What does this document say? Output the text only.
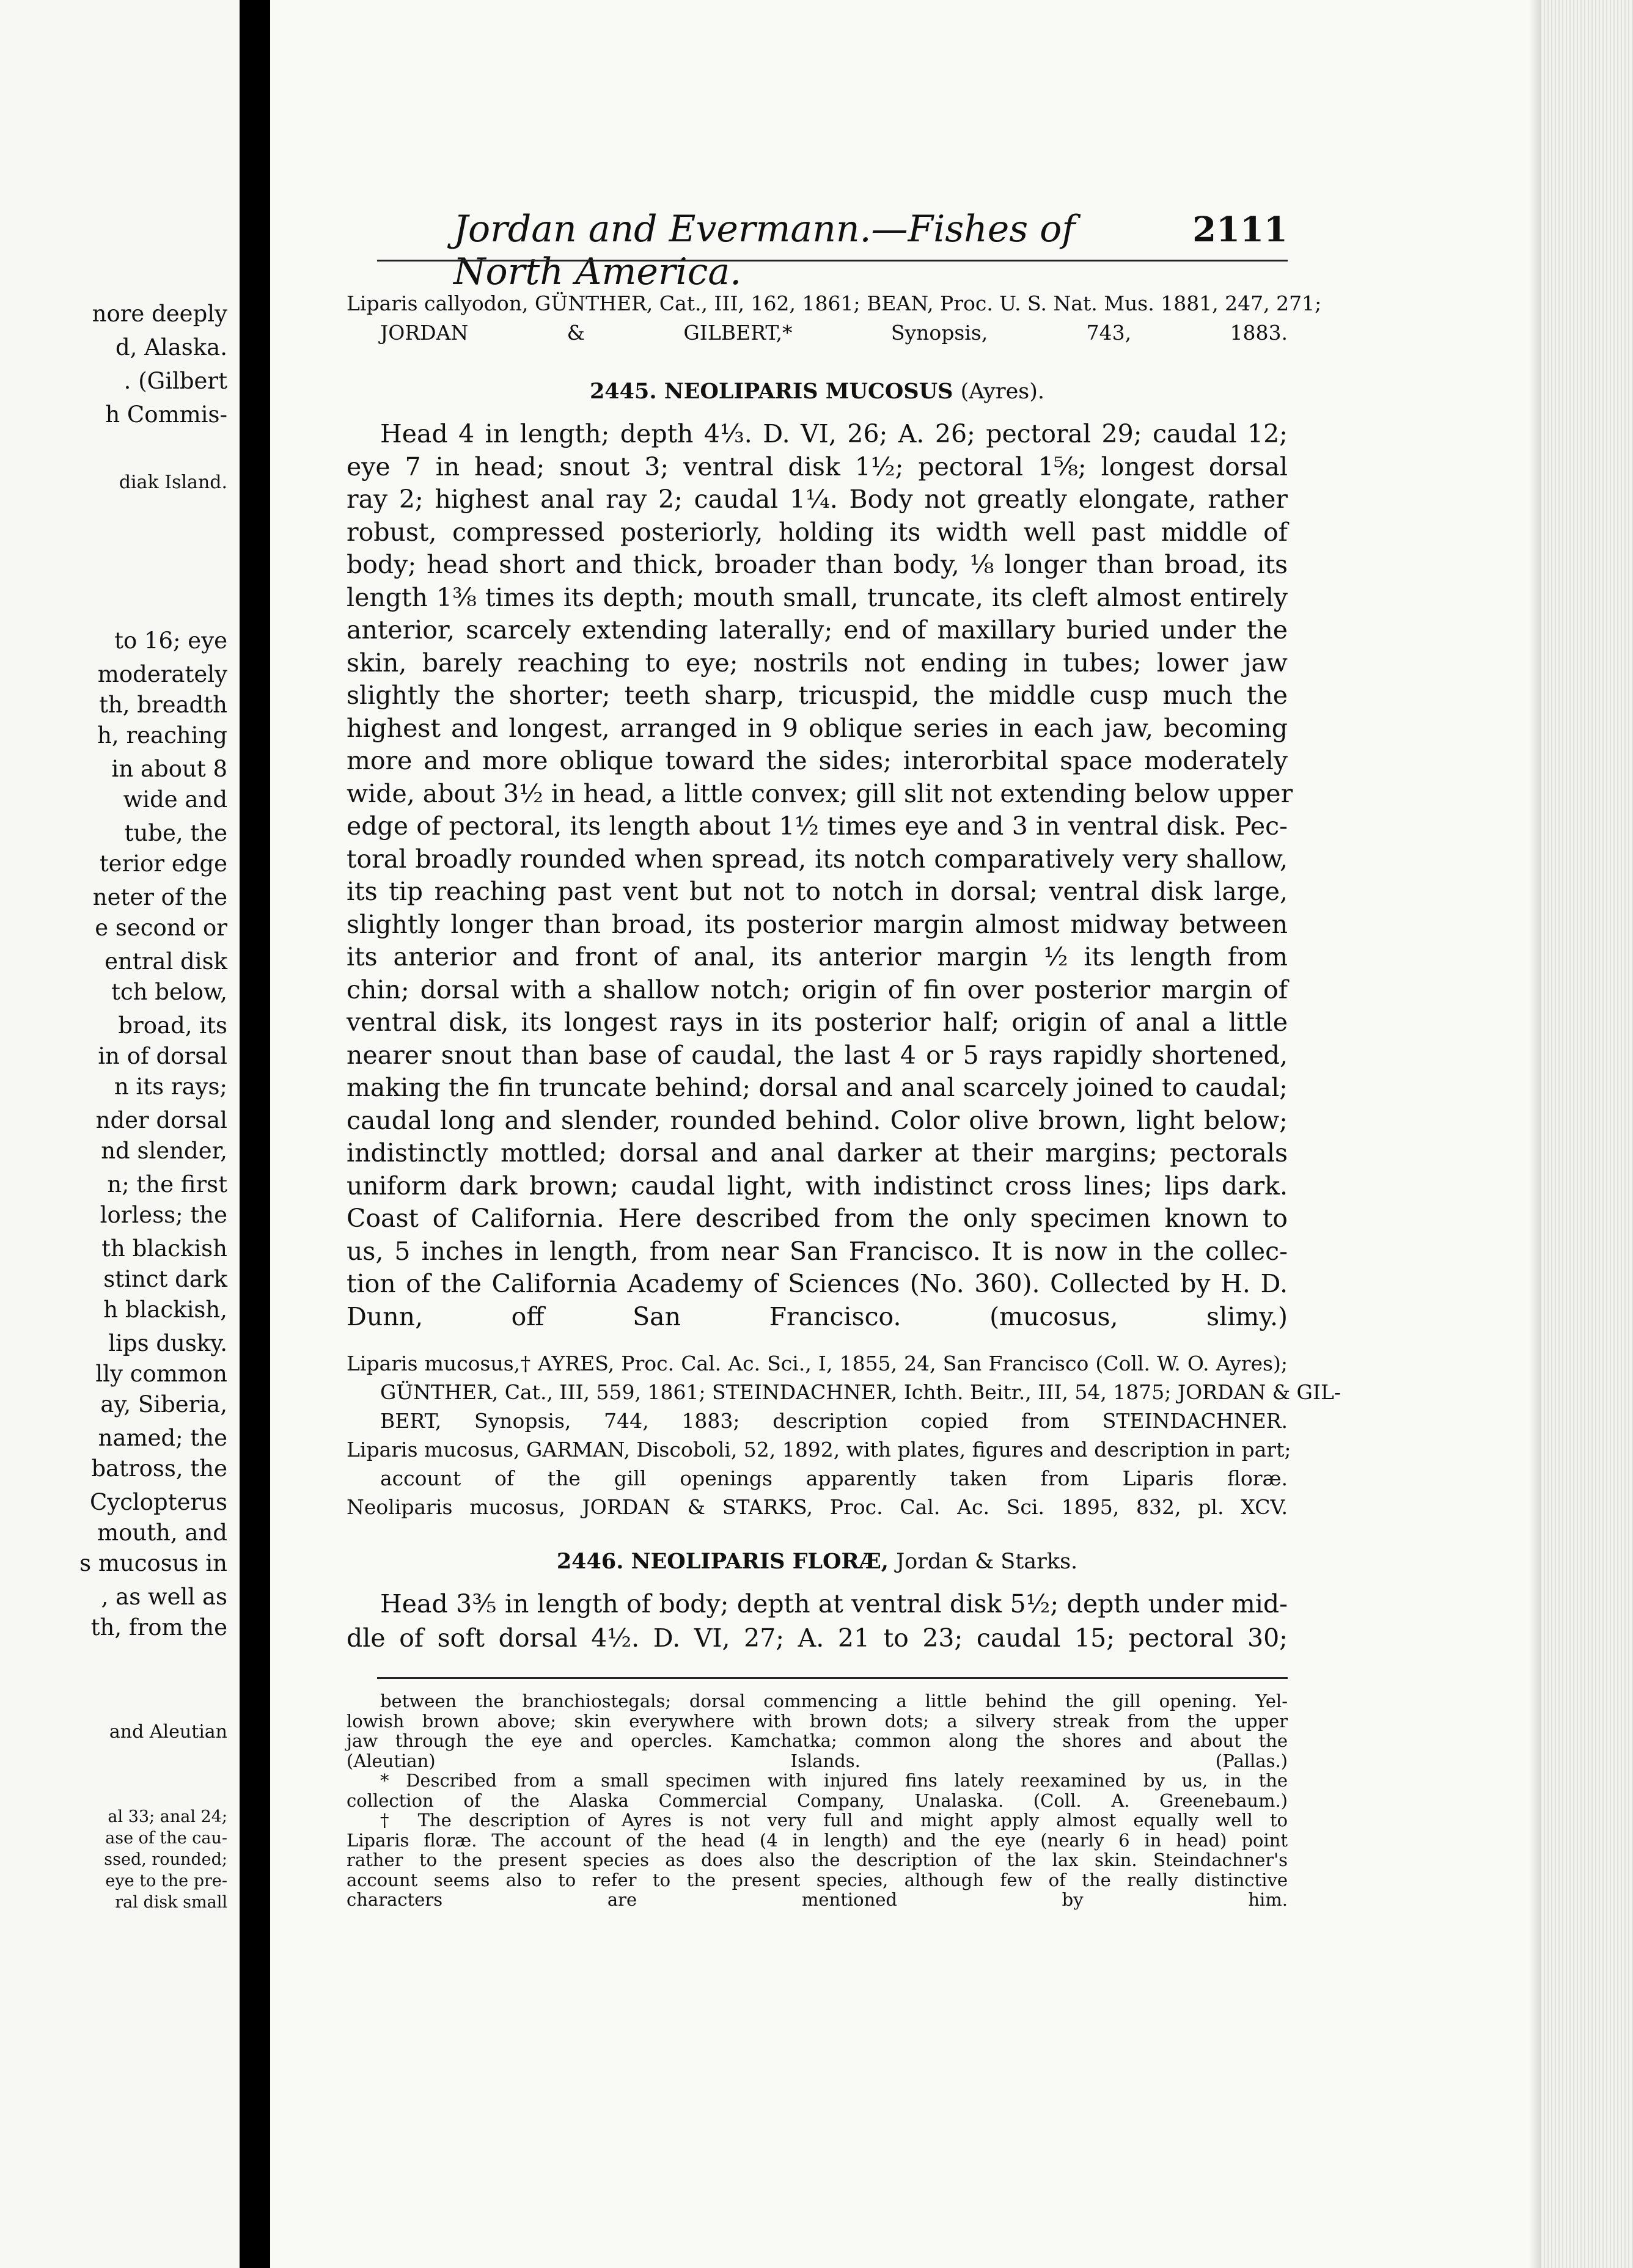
nore deeply
d, Alaska.
. (Gilbert
h Commis-
diak Island.
to 16; eye
moderately
th, breadth
h, reaching
in about 8
wide and
tube, the
terior edge
neter of the
e second or
entral disk
tch below,
broad, its
in of dorsal
n its rays;
nder dorsal
nd slender,
n; the first
lorless; the
th blackish
stinct dark
h blackish,
lips dusky.
lly common
ay, Siberia,
named; the
batross, the
Cyclopterus
mouth, and
s mucosus in
, as well as
th, from the
and Aleutian
al 33; anal 24;
ase of the cau-
ssed, rounded;
eye to the pre-
ral disk small
Jordan and Evermann.—Fishes of North America.
2111
Liparis callyodon, GÜNTHER, Cat., III, 162, 1861; BEAN, Proc. U. S. Nat. Mus. 1881, 247, 271;
JORDAN & GILBERT,* Synopsis, 743, 1883.
2445. NEOLIPARIS MUCOSUS (Ayres).
Head 4 in length; depth 4⅓. D. VI, 26; A. 26; pectoral 29; caudal 12;
eye 7 in head; snout 3; ventral disk 1½; pectoral 1⅝; longest dorsal
ray 2; highest anal ray 2; caudal 1¼. Body not greatly elongate, rather
robust, compressed posteriorly, holding its width well past middle of
body; head short and thick, broader than body, ⅛ longer than broad, its
length 1⅜ times its depth; mouth small, truncate, its cleft almost entirely
anterior, scarcely extending laterally; end of maxillary buried under the
skin, barely reaching to eye; nostrils not ending in tubes; lower jaw
slightly the shorter; teeth sharp, tricuspid, the middle cusp much the
highest and longest, arranged in 9 oblique series in each jaw, becoming
more and more oblique toward the sides; interorbital space moderately
wide, about 3½ in head, a little convex; gill slit not extending below upper
edge of pectoral, its length about 1½ times eye and 3 in ventral disk. Pec-
toral broadly rounded when spread, its notch comparatively very shallow,
its tip reaching past vent but not to notch in dorsal; ventral disk large,
slightly longer than broad, its posterior margin almost midway between
its anterior and front of anal, its anterior margin ½ its length from
chin; dorsal with a shallow notch; origin of fin over posterior margin of
ventral disk, its longest rays in its posterior half; origin of anal a little
nearer snout than base of caudal, the last 4 or 5 rays rapidly shortened,
making the fin truncate behind; dorsal and anal scarcely joined to caudal;
caudal long and slender, rounded behind. Color olive brown, light below;
indistinctly mottled; dorsal and anal darker at their margins; pectorals
uniform dark brown; caudal light, with indistinct cross lines; lips dark.
Coast of California. Here described from the only specimen known to
us, 5 inches in length, from near San Francisco. It is now in the collec-
tion of the California Academy of Sciences (No. 360). Collected by H. D.
Dunn, off San Francisco. (mucosus, slimy.)
Liparis mucosus,† AYRES, Proc. Cal. Ac. Sci., I, 1855, 24, San Francisco (Coll. W. O. Ayres);
GÜNTHER, Cat., III, 559, 1861; STEINDACHNER, Ichth. Beitr., III, 54, 1875; JORDAN & GIL-
BERT, Synopsis, 744, 1883; description copied from STEINDACHNER.
Liparis mucosus, GARMAN, Discoboli, 52, 1892, with plates, figures and description in part;
account of the gill openings apparently taken from Liparis floræ.
Neoliparis mucosus, JORDAN & STARKS, Proc. Cal. Ac. Sci. 1895, 832, pl. XCV.
2446. NEOLIPARIS FLORÆ, Jordan & Starks.
Head 3⅗ in length of body; depth at ventral disk 5½; depth under mid-
dle of soft dorsal 4½. D. VI, 27; A. 21 to 23; caudal 15; pectoral 30;
between the branchiostegals; dorsal commencing a little behind the gill opening. Yel-
lowish brown above; skin everywhere with brown dots; a silvery streak from the upper
jaw through the eye and opercles. Kamchatka; common along the shores and about the
(Aleutian) Islands. (Pallas.)
* Described from a small specimen with injured fins lately reexamined by us, in the
collection of the Alaska Commercial Company, Unalaska. (Coll. A. Greenebaum.)
† The description of Ayres is not very full and might apply almost equally well to
Liparis floræ. The account of the head (4 in length) and the eye (nearly 6 in head) point
rather to the present species as does also the description of the lax skin. Steindachner's
account seems also to refer to the present species, although few of the really distinctive
characters are mentioned by him.
